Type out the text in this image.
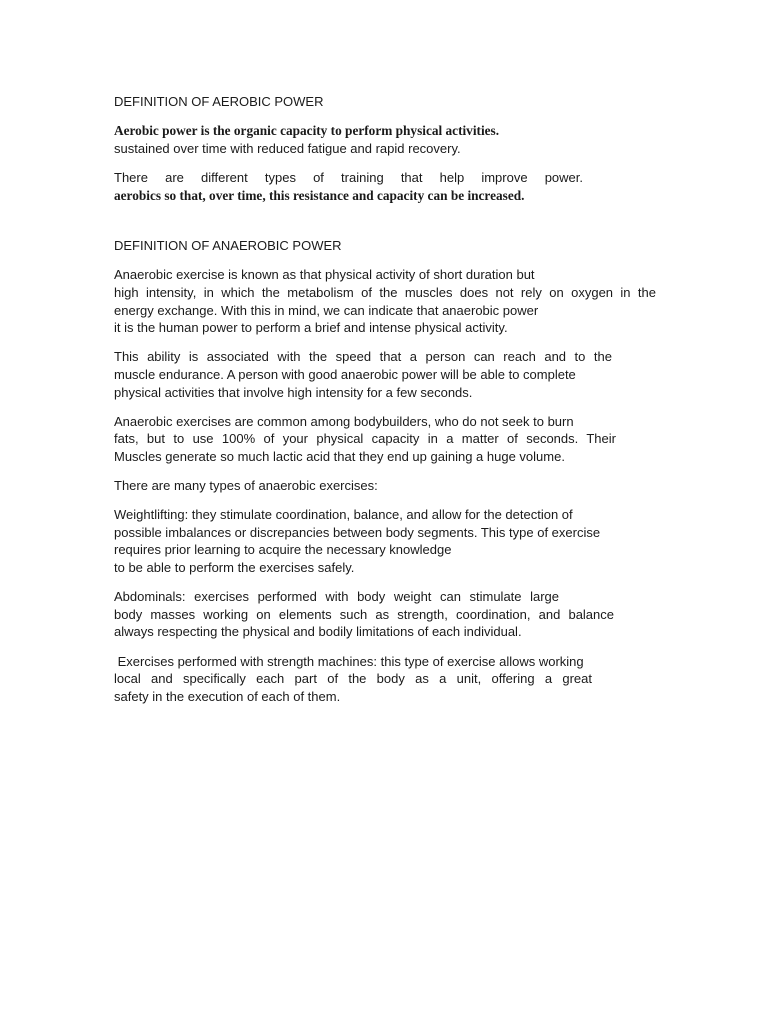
DEFINITION OF AEROBIC POWER
Aerobic power is the organic capacity to perform physical activities.
sustained over time with reduced fatigue and rapid recovery.
There are different types of training that help improve power.
aerobics so that, over time, this resistance and capacity can be increased.
DEFINITION OF ANAEROBIC POWER
Anaerobic exercise is known as that physical activity of short duration but
high intensity, in which the metabolism of the muscles does not rely on oxygen in the
energy exchange. With this in mind, we can indicate that anaerobic power
it is the human power to perform a brief and intense physical activity.
This ability is associated with the speed that a person can reach and to the
muscle endurance. A person with good anaerobic power will be able to complete
physical activities that involve high intensity for a few seconds.
Anaerobic exercises are common among bodybuilders, who do not seek to burn
fats, but to use 100% of your physical capacity in a matter of seconds. Their
Muscles generate so much lactic acid that they end up gaining a huge volume.
There are many types of anaerobic exercises:
Weightlifting: they stimulate coordination, balance, and allow for the detection of
possible imbalances or discrepancies between body segments. This type of exercise
requires prior learning to acquire the necessary knowledge
to be able to perform the exercises safely.
Abdominals: exercises performed with body weight can stimulate large
body masses working on elements such as strength, coordination, and balance
always respecting the physical and bodily limitations of each individual.
Exercises performed with strength machines: this type of exercise allows working
local and specifically each part of the body as a unit, offering a great
safety in the execution of each of them.
